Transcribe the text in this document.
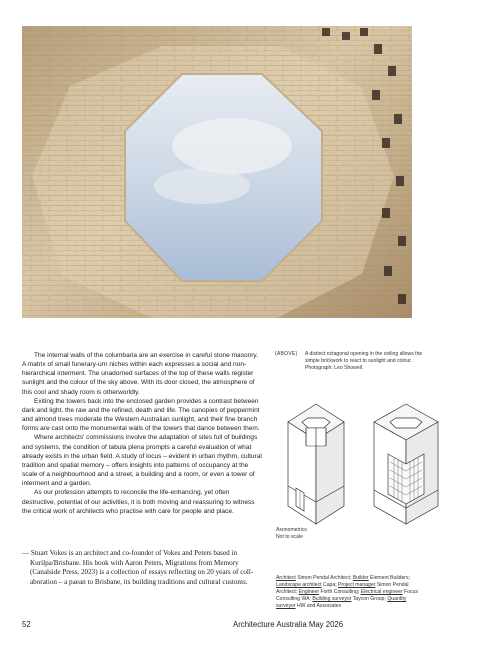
The internal walls of the columbaria are an exercise in careful stone masonry. A matrix of small funerary-urn niches within each expresses a social and non-hierarchical interment. The unadorned surfaces of the top of these walls register sunlight and the colour of the sky above. With its door closed, the atmosphere of this cool and shady room is otherworldly.

Exiting the towers back into the enclosed garden provides a contrast between dark and light, the raw and the refined, death and life. The canopies of peppermint and almond trees moderate the Western Australian sunlight, and their fine branch forms are cast onto the monumental walls of the towers that dance between them.

Where architects' commissions involve the adaptation of sites full of buildings and systems, the condition of tabula plena prompts a careful evaluation of what already exists in the urban field. A study of locus – evident in urban rhythm, cultural tradition and spatial memory – offers insights into patterns of occupancy at the scale of a neighbourhood and a street, a building and a room, or even a tower of interment and a garden.

As our profession attempts to reconcile the life-enhancing, yet often destructive, potential of our activities, it is both moving and reassuring to witness the critical work of architects who practise with care for people and place.

— Stuart Vokes is an architect and co-founder of Vokes and Peters based in Kurilpa/Brisbane. His book with Aaron Peters, Migrations from Memory (Canalside Press, 2023) is a collection of essays reflecting on 20 years of coll-aboration – a paean to Brisbane, its building traditions and cultural customs.
(ABOVE) A distinct octagonal opening in the ceiling allows the simple brickwork to react to sunlight and colour. Photograph: Leo Showell.
Axonometrics
Not to scale
Architect Simon Pendal Architect; Builder Element Builders; Landscape architect Capa; Project manager Simon Pendal Architect; Engineer Forth Consulting; Electrical engineer Focus Consulting WA; Building surveyor Taycon Group; Quantity surveyor HW and Associates
52	Architecture Australia May 2026
